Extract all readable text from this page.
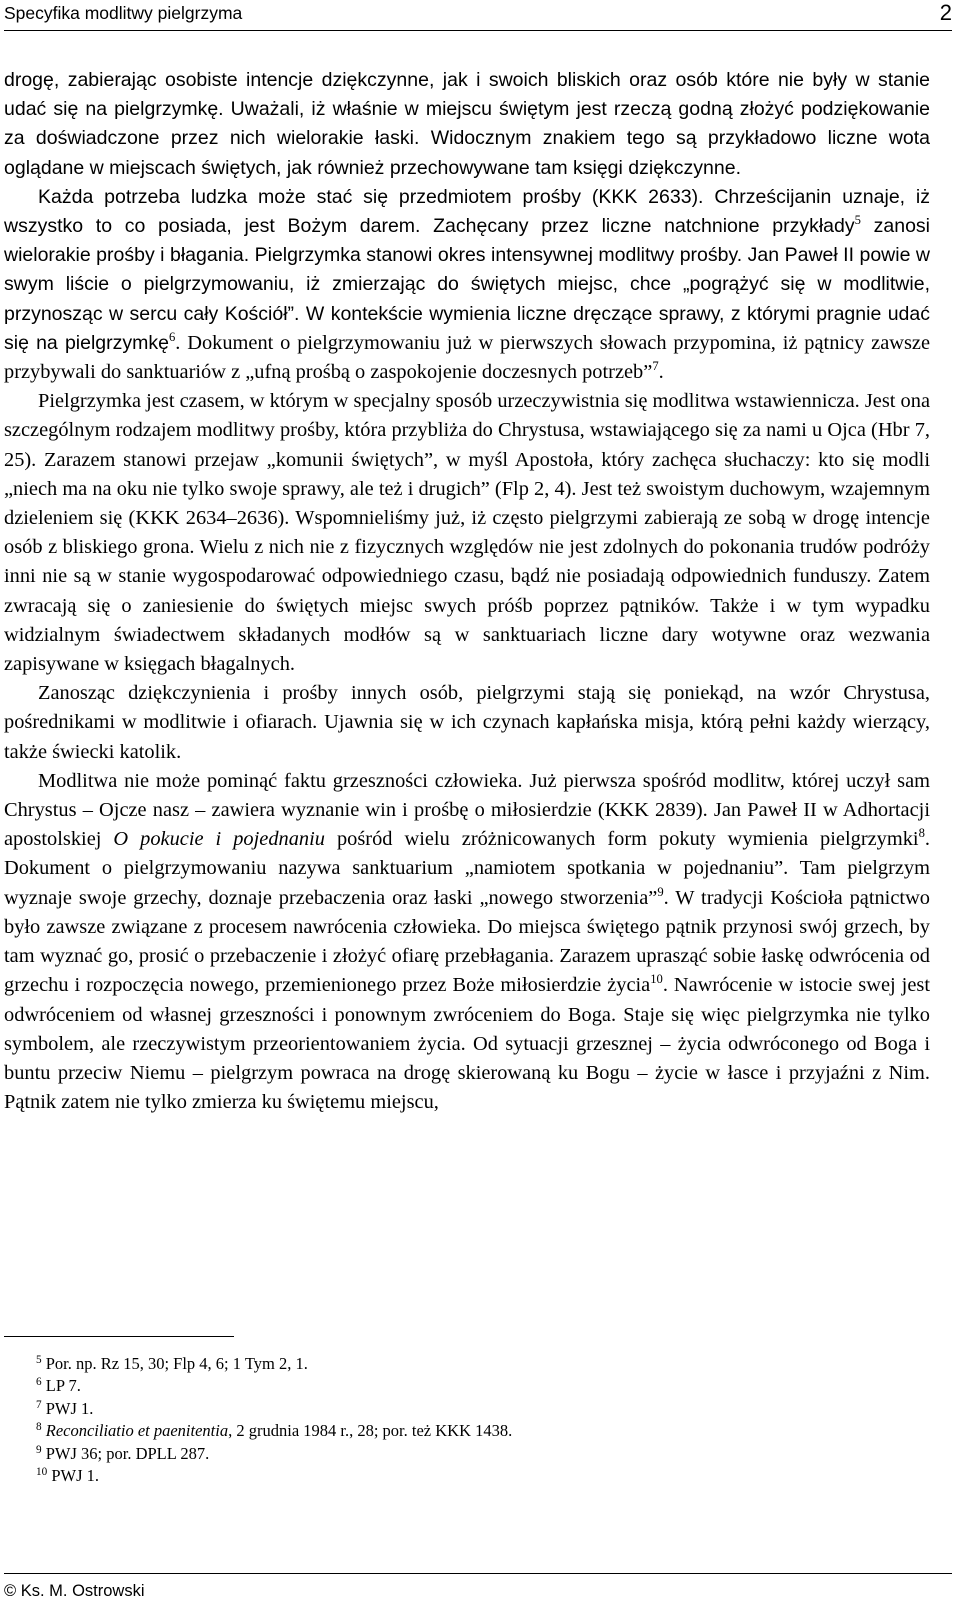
Specyfika modlitwy pielgrzyma	2

drogę, zabierając osobiste intencje dziękczynne, jak i swoich bliskich oraz osób które nie były w stanie udać się na pielgrzymkę. Uważali, iż właśnie w miejscu świętym jest rzeczą godną złożyć podziękowanie za doświadczone przez nich wielorakie łaski. Widocznym znakiem tego są przykładowo liczne wota oglądane w miejscach świętych, jak również przechowywane tam księgi dziękczynne.

Każda potrzeba ludzka może stać się przedmiotem prośby (KKK 2633). Chrześcijanin uznaje, iż wszystko to co posiada, jest Bożym darem. Zachęcany przez liczne natchnione przykłady$^5$ zanosi wielorakie prośby i błagania. Pielgrzymka stanowi okres intensywnej modlitwy prośby. Jan Paweł II powie w swym liście o pielgrzymowaniu, iż zmierzając do świętych miejsc, chce „pogrążyć się w modlitwie, przynosząc w sercu cały Kościół”. W kontekście wymienia liczne dręczące sprawy, z którymi pragnie udać się na pielgrzymkę$^6$. Dokument o pielgrzymowaniu już w pierwszych słowach przypomina, iż pątnicy zawsze przybywali do sanktuariów z „ufną prośbą o zaspokojenie doczesnych potrzeb”$^7$.

Pielgrzymka jest czasem, w którym w specjalny sposób urzeczywistnia się modlitwa wstawiennicza. Jest ona szczególnym rodzajem modlitwy prośby, która przybliża do Chrystusa, wstawiającego się za nami u Ojca (Hbr 7, 25). Zarazem stanowi przejaw „komunii świętych”, w myśl Apostoła, który zachęca słuchaczy: kto się modli „niech ma na oku nie tylko swoje sprawy, ale też i drugich” (Flp 2, 4). Jest też swoistym duchowym, wzajemnym dzieleniem się (KKK 2634–2636). Wspomnieliśmy już, iż często pielgrzymi zabierają ze sobą w drogę intencje osób z bliskiego grona. Wielu z nich nie z fizycznych względów nie jest zdolnych do pokonania trudów podróży inni nie są w stanie wygospodarować odpowiedniego czasu, bądź nie posiadają odpowiednich funduszy. Zatem zwracają się o zaniesienie do świętych miejsc swych próśb poprzez pątników. Także i w tym wypadku widzialnym świadectwem składanych modłów są w sanktuariach liczne dary wotywne oraz wezwania zapisywane w księgach błagalnych.

Zanosząc dziękczynienia i prośby innych osób, pielgrzymi stają się poniekąd, na wzór Chrystusa, pośrednikami w modlitwie i ofiarach. Ujawnia się w ich czynach kapłańska misja, którą pełni każdy wierzący, także świecki katolik.

Modlitwa nie może pominąć faktu grzeszności człowieka. Już pierwsza spośród modlitw, której uczył sam Chrystus – Ojcze nasz – zawiera wyznanie win i prośbę o miłosierdzie (KKK 2839). Jan Paweł II w Adhortacji apostolskiej O pokucie i pojednaniu pośród wielu zróżnicowanych form pokuty wymienia pielgrzymki$^8$. Dokument o pielgrzymowaniu nazywa sanktuarium „namiotem spotkania w pojednaniu”. Tam pielgrzym wyznaje swoje grzechy, doznaje przebaczenia oraz łaski „nowego stworzenia”$^9$. W tradycji Kościoła pątnictwo było zawsze związane z procesem nawrócenia człowieka. Do miejsca świętego pątnik przynosi swój grzech, by tam wyznać go, prosić o przebaczenie i złożyć ofiarę przebłagania. Zarazem uprasząć sobie łaskę odwrócenia od grzechu i rozpoczęcia nowego, przemienionego przez Boże miłosierdzie życia$^{10}$. Nawrócenie w istocie swej jest odwróceniem od własnej grzeszności i ponownym zwróceniem do Boga. Staje się więc pielgrzymka nie tylko symbolem, ale rzeczywistym przeorientowaniem życia. Od sytuacji grzesznej – życia odwróconego od Boga i buntu przeciw Niemu – pielgrzym powraca na drogę skierowaną ku Bogu – życie w łasce i przyjaźni z Nim. Pątnik zatem nie tylko zmierza ku świętemu miejscu,

$^5$ Por. np. Rz 15, 30; Flp 4, 6; 1 Tym 2, 1.
$^6$ LP 7.
$^7$ PWJ 1.
$^8$ Reconciliatio et paenitentia, 2 grudnia 1984 r., 28; por. też KKK 1438.
$^9$ PWJ 36; por. DPLL 287.
$^{10}$ PWJ 1.
© Ks. M. Ostrowski
